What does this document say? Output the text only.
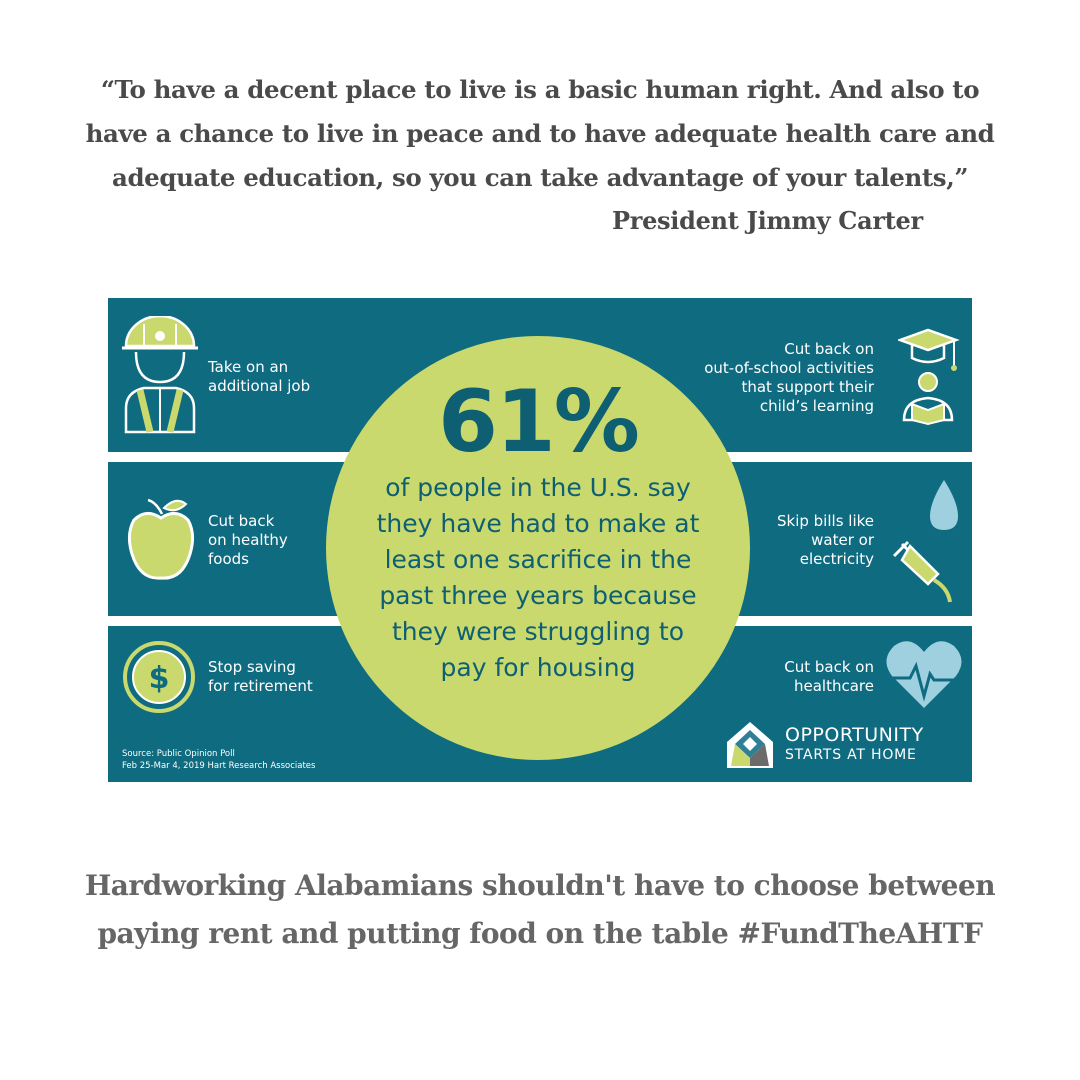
“To have a decent place to live is a basic human right. And also to
have a chance to live in peace and to have adequate health care and
adequate education, so you can take advantage of your talents,”
President Jimmy Carter
61%
of people in the U.S. say
they have had to make at
least one sacrifice in the
past three years because
they were struggling to
pay for housing
Take on an
additional job
Cut back on
out-of-school activities
that support their
child’s learning
Cut back
on healthy
foods
Skip bills like
water or
electricity
$	Stop saving
for retirement
Cut back on
healthcare
Source: Public Opinion Poll
Feb 25-Mar 4, 2019 Hart Research Associates
OPPORTUNITY
STARTS AT HOME
Hardworking Alabamians shouldn't have to choose between
paying rent and putting food on the table #FundTheAHTF
